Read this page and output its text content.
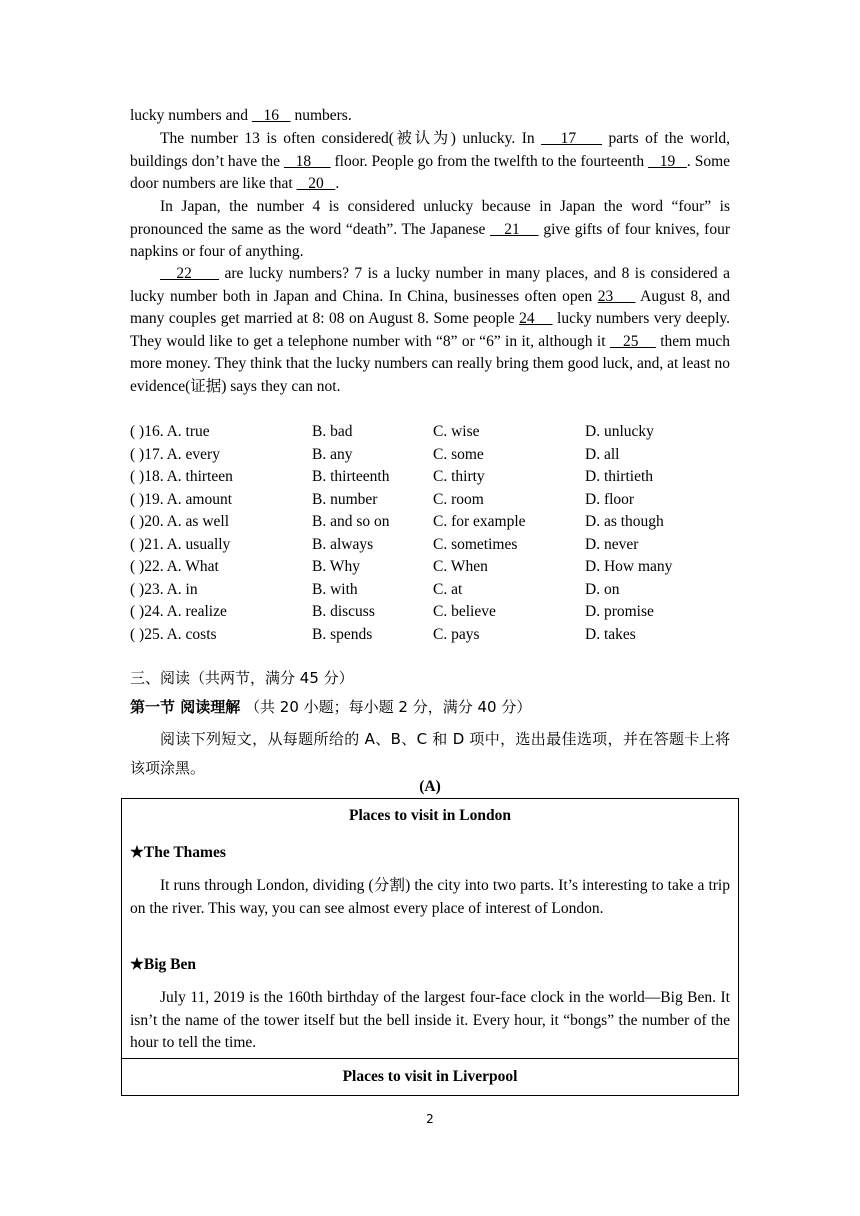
lucky numbers and    16    numbers.

The number 13 is often considered(被认为) unlucky. In    17     parts of the world, buildings don’t have the    18      floor. People go from the twelfth to the fourteenth    19   . Some door numbers are like that    20   .

In Japan, the number 4 is considered unlucky because in Japan the word “four” is pronounced the same as the word “death”. The Japanese    21     give gifts of four knives, four napkins or four of anything.

22      are lucky numbers? 7 is a lucky number in many places, and 8 is considered a lucky number both in Japan and China. In China, businesses often open 23     August 8, and many couples get married at 8: 08 on August 8. Some people 24     lucky numbers very deeply. They would like to get a telephone number with “8” or “6” in it, although it    25     them much more money. They think that the lucky numbers can really bring them good luck, and, at least no evidence(证据) says they can not.

( )16. A. true	B. bad	C. wise	D. unlucky
( )17. A. every	B. any	C. some	D. all
( )18. A. thirteen	B. thirteenth	C. thirty	D. thirtieth
( )19. A. amount	B. number	C. room	D. floor
( )20. A. as well	B. and so on	C. for example	D. as though
( )21. A. usually	B. always	C. sometimes	D. never
( )22. A. What	B. Why	C. When	D. How many
( )23. A. in	B. with	C. at	D. on
( )24. A. realize	B. discuss	C. believe	D. promise
( )25. A. costs	B. spends	C. pays	D. takes
三、阅读（共两节，满分 45 分）
第一节 阅读理解 （共 20 小题；每小题 2 分，满分 40 分）

阅读下列短文，从每题所给的 A、B、C 和 D 项中，选出最佳选项，并在答题卡上将该项涂黑。

(A)
Places to visit in London
★The Thames

It runs through London, dividing (分割) the city into two parts. It’s interesting to take a trip on the river. This way, you can see almost every place of interest of London.

★Big Ben

July 11, 2019 is the 160th birthday of the largest four-face clock in the world—Big Ben. It isn’t the name of the tower itself but the bell inside it. Every hour, it “bongs” the number of the hour to tell the time.

Places to visit in Liverpool
2
